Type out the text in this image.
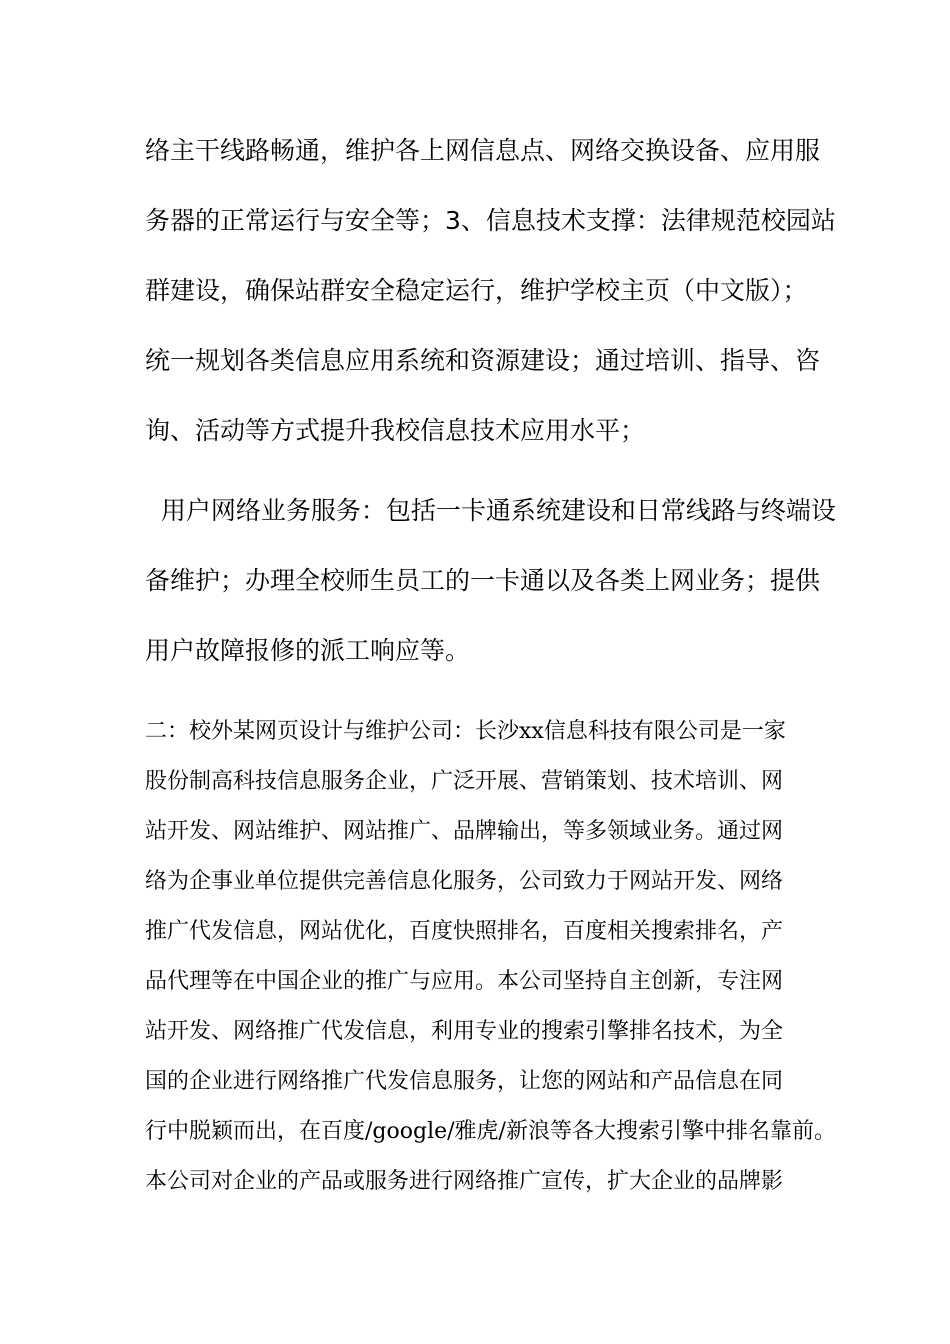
络主干线路畅通，维护各上网信息点、网络交换设备、应用服
务器的正常运行与安全等；3、信息技术支撑：法律规范校园站
群建设，确保站群安全稳定运行，维护学校主页（中文版）；
统一规划各类信息应用系统和资源建设；通过培训、指导、咨
询、活动等方式提升我校信息技术应用水平；
用户网络业务服务：包括一卡通系统建设和日常线路与终端设
备维护；办理全校师生员工的一卡通以及各类上网业务；提供
用户故障报修的派工响应等。
二：校外某网页设计与维护公司：长沙xx信息科技有限公司是一家
股份制高科技信息服务企业，广泛开展、营销策划、技术培训、网
站开发、网站维护、网站推广、品牌输出，等多领域业务。通过网
络为企事业单位提供完善信息化服务，公司致力于网站开发、网络
推广代发信息，网站优化，百度快照排名，百度相关搜索排名，产
品代理等在中国企业的推广与应用。本公司坚持自主创新，专注网
站开发、网络推广代发信息，利用专业的搜索引擎排名技术，为全
国的企业进行网络推广代发信息服务，让您的网站和产品信息在同
行中脱颖而出，在百度/google/雅虎/新浪等各大搜索引擎中排名靠前。
本公司对企业的产品或服务进行网络推广宣传，扩大企业的品牌影
